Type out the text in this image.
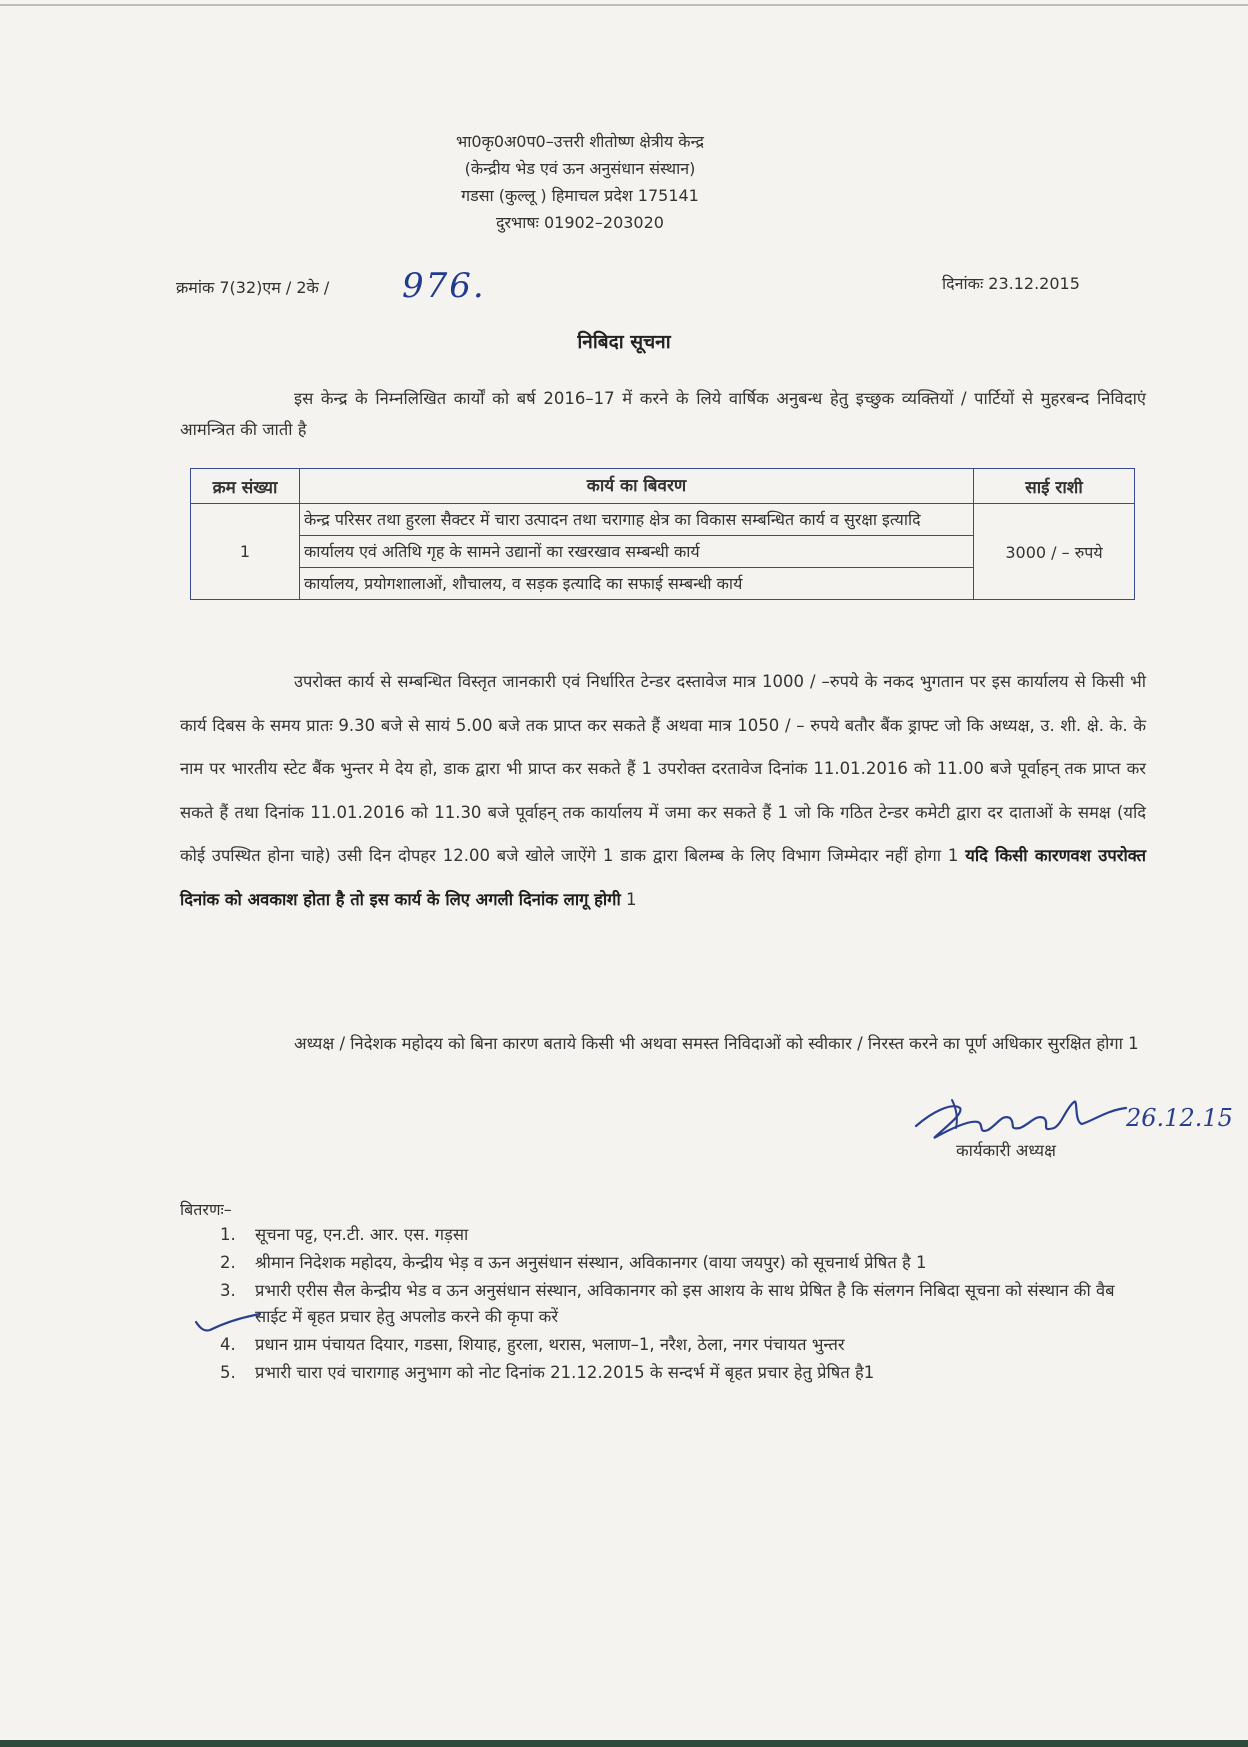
भा0कृ0अ0प0–उत्तरी शीतोष्ण क्षेत्रीय केन्द्र
(केन्द्रीय भेड एवं ऊन अनुसंधान संस्थान)
गडसा (कुल्लू ) हिमाचल प्रदेश 175141
दुरभाषः 01902–203020
क्रमांक 7(32)एम / 2के / 976.	दिनांकः 23.12.2015
निबिदा सूचना
इस केन्द्र के निम्नलिखित कार्यों को बर्ष 2016–17 में करने के लिये वार्षिक अनुबन्ध हेतु इच्छुक व्यक्तियों / पार्टियों से मुहरबन्द निविदाएं आमन्त्रित की जाती है
क्रम संख्या	कार्य का बिवरण	साई राशी
1	केन्द्र परिसर तथा हुरला सैक्टर में चारा उत्पादन तथा चरागाह क्षेत्र का विकास सम्बन्धित कार्य व सुरक्षा इत्यादि	3000 / – रुपये
	कार्यालय एवं अतिथि गृह के सामने उद्यानों का रखरखाव सम्बन्धी कार्य	
	कार्यालय, प्रयोगशालाओं, शौचालय, व सड़क इत्यादि का सफाई सम्बन्धी कार्य	
उपरोक्त कार्य से सम्बन्धित विस्तृत जानकारी एवं निर्धारित टेन्डर दस्तावेज मात्र 1000 / –रुपये के नकद भुगतान पर इस कार्यालय से किसी भी कार्य दिबस के समय प्रातः 9.30 बजे से सायं 5.00 बजे तक प्राप्त कर सकते हैं अथवा मात्र 1050 / – रुपये बतौर बैंक ड्राफ्ट जो कि अध्यक्ष, उ. शी. क्षे. के. के नाम पर भारतीय स्टेट बैंक भुन्तर मे देय हो, डाक द्वारा भी प्राप्त कर सकते हैं 1 उपरोक्त दरतावेज दिनांक 11.01.2016 को 11.00 बजे पूर्वाहन् तक प्राप्त कर सकते हैं तथा दिनांक 11.01.2016 को 11.30 बजे पूर्वाहन् तक कार्यालय में जमा कर सकते हैं 1 जो कि गठित टेन्डर कमेटी द्वारा दर दाताओं के समक्ष (यदि कोई उपस्थित होना चाहे) उसी दिन दोपहर 12.00 बजे खोले जाऐंगे 1 डाक द्वारा बिलम्ब के लिए विभाग जिम्मेदार नहीं होगा 1 यदि किसी कारणवश उपरोक्त दिनांक को अवकाश होता है तो इस कार्य के लिए अगली दिनांक लागू होगी 1
अध्यक्ष / निदेशक महोदय को बिना कारण बताये किसी भी अथवा समस्त निविदाओं को स्वीकार / निरस्त करने का पूर्ण अधिकार सुरक्षित होगा 1
26.12.15
कार्यकारी अध्यक्ष
बितरणः–
1. सूचना पट्ट, एन.टी. आर. एस. गड़सा
2. श्रीमान निदेशक महोदय, केन्द्रीय भेड़ व ऊन अनुसंधान संस्थान, अविकानगर (वाया जयपुर) को सूचनार्थ प्रेषित है 1
3. प्रभारी एरीस सैल केन्द्रीय भेड व ऊन अनुसंधान संस्थान, अविकानगर को इस आशय के साथ प्रेषित है कि संलगन निबिदा सूचना को संस्थान की वैब साईट में बृहत प्रचार हेतु अपलोड करने की कृपा करें
4. प्रधान ग्राम पंचायत दियार, गडसा, शियाह, हुरला, थरास, भलाण–1, नरैश, ठेला, नगर पंचायत भुन्तर
5. प्रभारी चारा एवं चारागाह अनुभाग को नोट दिनांक 21.12.2015 के सन्दर्भ में बृहत प्रचार हेतु प्रेषित है1
